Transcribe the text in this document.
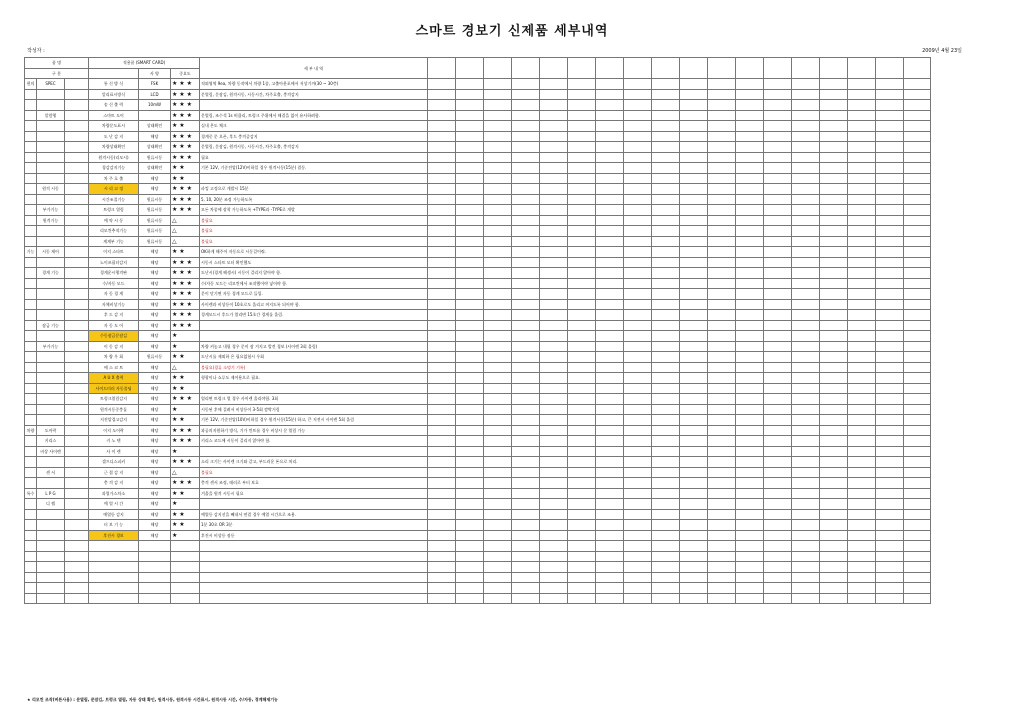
스마트 경보기 신제품 세부내역
작성자 :	2009년 4월 23일
품 명			적용품 (SMART CARD)			세 부 내 역																		
구 분				사 양	중요도																			
편의	SPEC		통 신 방 식	FSK	★ ★ ★	적외영역 9ea, 차량 동작에서 차량 1종, 고출아웃포에서 저상기까(30 ~ 30층)																		
			알리표시방식	LCD	★ ★ ★	문열림, 문잠김, 원격시동, 시동시간, 차주호출, 충격감지																		
			송 신 출 력	10mW	★ ★ ★																			
	알람행		스마트 도어		★ ★ ★	문열림, 조수석 1s 버큠리, 트렁크 주위에서 해결을 없이 유사하려함.																		
			차량문도표시	상태확인	★ ★	실내 온도 체크																		
			도 난 감 지	해당	★ ★ ★	경계중 문 오픈, 후드 충격증감지																		
			차량상태확인	상태확인	★ ★ ★	문열림, 문잠김, 원격시동, 시동시간, 차주호출, 충격감지																		
			원격시동(리모시)	원류시동	★ ★ ★	필요																		
			경감감지기능	상태확인	★ ★	기본 12V, 기준전압(12V)이하일 경우 원격시동(15분) 결동.																		
			차 주 호 출	해당	★ ★																			
	원격 시동		시 리 고 정	해당	★ ★ ★	파킹 고정으로 개발시 15분																		
			시간조절기능	원류시동	★ ★ ★	5, 10, 20분 조정 가능하도록																		
	부가기능		트렁크 열림	원류시동	★ ★ ★	모든 차종에 장착 가능하도록 +TYPE과 -TYPE로 개발																		
	원격기능		예 약 시 동	원류시동	△	불필요																		
			리모컨추적기능	원류시동	△	불필요																		
			계계부 기능	원류시동	△	불필요																		
기능	시동 제어		이지 스타트	해당	★ ★	OK하게 해주어 자동으로 시동걸어줘.																		
			노이즈필터감지	해당	★ ★ ★	시동시 스타트 모터 확인했도																		
	경계 기능		경계운시행격판	해당	★ ★ ★	도난시(경계 해생시) 시동이 걸리지 않아야 함.																		
			수/자동 모드	해당	★ ★ ★	수/자동 모드는 리모컨에서 조작했어야 넣어야 함.																		
			자 동 경 계	해당	★ ★ ★	문이 닫기면 자동 경계 모드로 들입.																		
			자체비상기능	해당	★ ★ ★	사이렌과 비상등이 10초로도 울리고 꺼지도록 되어야 함.																		
			후 드 감 지	해당	★ ★ ★	경계모드시 후드가 열리면 15초간 경계를 울림.																		
	잠금 기능		자 동 도 어	해당	★ ★ ★																			
			수동잠금문잠김	해당	★																			
	부가기능		이 동 감 지	해당	★	차량 켜놓고 내릴 경우 문이 잠 겨지고 발견 경보 (사이렌 3회 울림)																		
			차 량 우 회	원류시동	★ ★	도난시를 제외하 은 필요없험시 우회																		
			에 스 코 트	해당	△	불필요(경류 소멍기 기록)																		
			A U X 출력	해당	★ ★	형광이나 쇼루도 제어용으로 필요.																		
			사이드미러 자동폴딩	해당	★ ★																			
			트렁크열림감지	해당	★ ★ ★	열리면 트렁크 열 경우 사이렌 울리야함. 3회																		
			원격시동중충돌	해당	★	시동된 후에 걸려서 비상등이 3-5회 깜박거림																		
			저전압경고감지	해당	★ ★	기본 12V, 기준전압(10V)이하일 경우 원격시동(15분) 하고, 큰 저전시 사이렌 5회 울림																		
차량	도어락		이지 도어락	해당	★ ★ ★	과공의지원하기 방식, 기가 컨트롤 경우 비상시 문 열림 가능																		
	키리스		키 노 텐	해당	★ ★ ★	키리스 코드에 시동이 걸리지 않아야 함.																		
	비상 사이렌		사 이 렌	해당	★																			
			셀프디스피커	해당	★ ★ ★	소리 크기는 사이렌 크기와 같고, 부드러운 톤으로 처리.																		
	센 서		근 접 감 지	해당	△	불필요																		
			충 격 감 지	해당	★ ★ ★	충격 센서 조정, 테러로 부터 보호																		
특수	L P G		과열가스차소	해당	★ ★	겨울을 원격 시동시 필요																		
	디 젤		예 열 시 간	해당	★																			
			예열등 감지	해당	★ ★	예열등 감지선을 빼내서 연결 경우 예열 시간으로 조용.																		
			터 보 기 능	해당	★ ★	1분 30초 OR 3분																		
			후진시 경보	해당	★	후진시 비상등 점등																		

★ 리모컨 조작(버튼사용) : 문열림, 문잠김, 트렁크 열림, 자동 상태 확인, 원격시동, 원격시동 시간표시, 원격시동 시간, 수/자동, 경계해제기능
